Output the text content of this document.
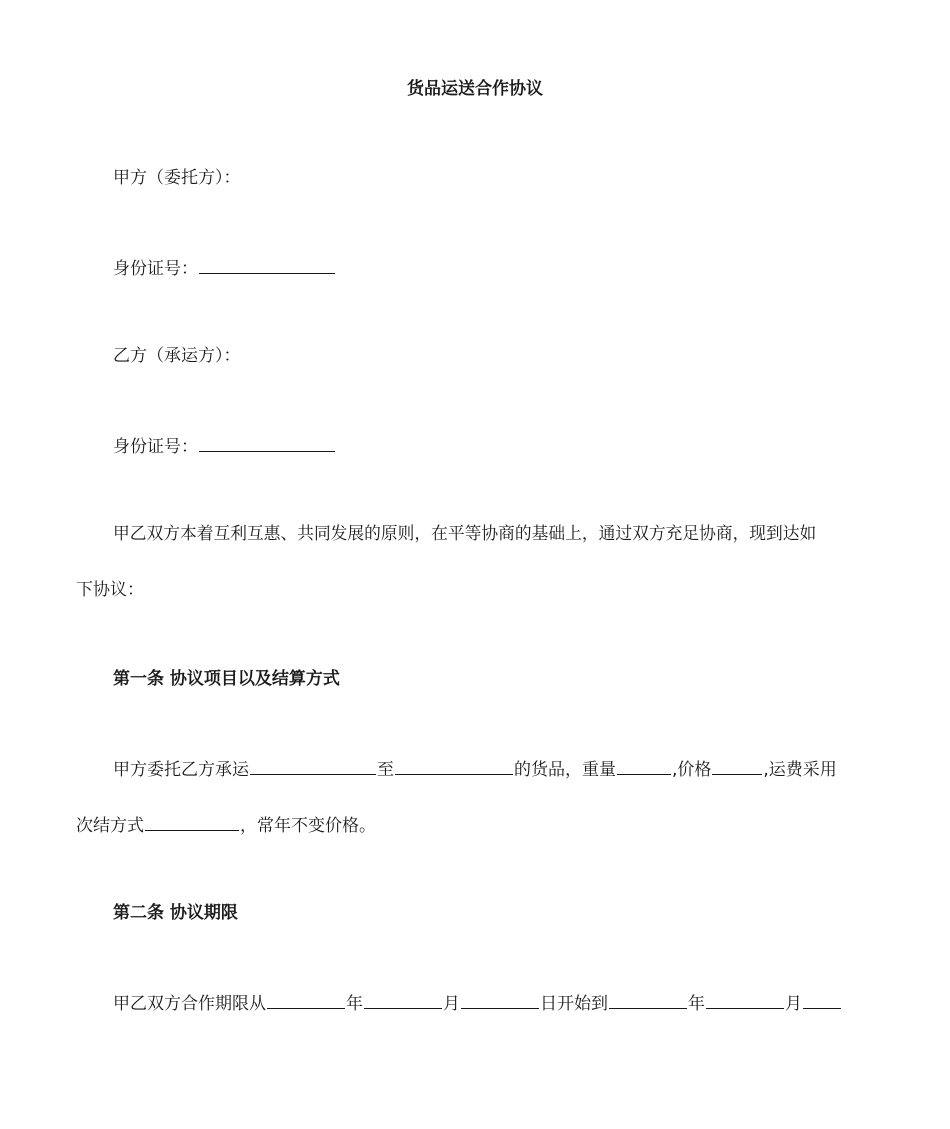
货品运送合作协议
甲方（委托方）：
身份证号：
乙方（承运方）：
身份证号：
甲乙双方本着互利互惠、共同发展的原则，在平等协商的基础上，通过双方充足协商，现到达如
下协议：
第一条 协议项目以及结算方式
甲方委托乙方承运	至	的货品，重量	,价格	,运费采用
次结方式	，常年不变价格。
第二条 协议期限
甲乙双方合作期限从	年	月	日开始到	年	月
